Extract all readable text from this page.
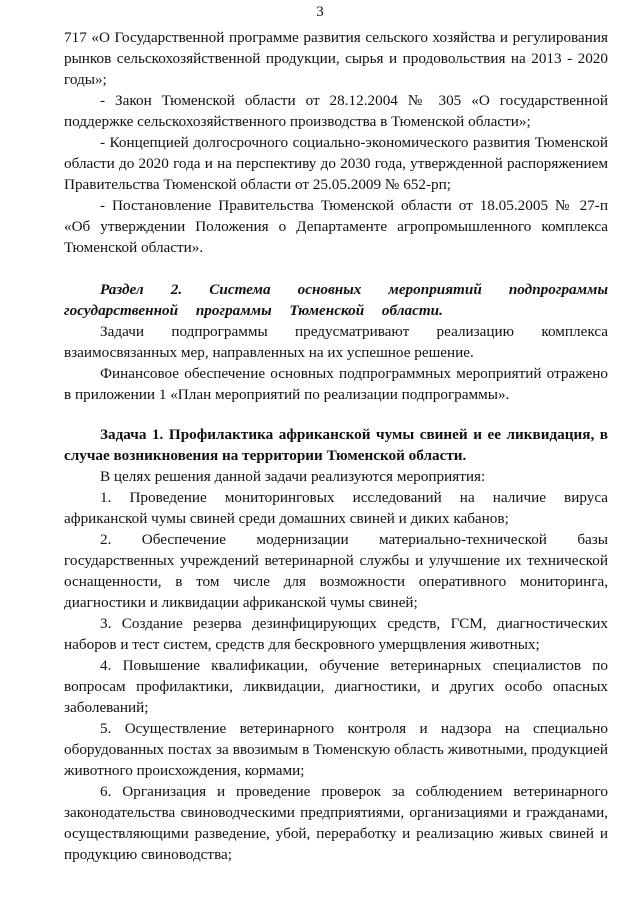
3

717 «О Государственной программе развития сельского хозяйства и регулирования рынков сельскохозяйственной продукции, сырья и продовольствия на 2013 - 2020 годы»;

- Закон Тюменской области от 28.12.2004 № 305 «О государственной поддержке сельскохозяйственного производства в Тюменской области»;

- Концепцией долгосрочного социально-экономического развития Тюменской области до 2020 года и на перспективу до 2030 года, утвержденной распоряжением Правительства Тюменской области от 25.05.2009 № 652-рп;

- Постановление Правительства Тюменской области от 18.05.2005 № 27-п «Об утверждении Положения о Департаменте агропромышленного комплекса Тюменской области».

Раздел 2. Система основных мероприятий подпрограммы государственной программы Тюменской области.

Задачи подпрограммы предусматривают реализацию комплекса взаимосвязанных мер, направленных на их успешное решение.

Финансовое обеспечение основных подпрограммных мероприятий отражено в приложении 1 «План мероприятий по реализации подпрограммы».

Задача 1. Профилактика африканской чумы свиней и ее ликвидация, в случае возникновения на территории Тюменской области.

В целях решения данной задачи реализуются мероприятия:

1. Проведение мониторинговых исследований на наличие вируса африканской чумы свиней среди домашних свиней и диких кабанов;

2. Обеспечение модернизации материально-технической базы государственных учреждений ветеринарной службы и улучшение их технической оснащенности, в том числе для возможности оперативного мониторинга, диагностики и ликвидации африканской чумы свиней;

3. Создание резерва дезинфицирующих средств, ГСМ, диагностических наборов и тест систем, средств для бескровного умерщвления животных;

4. Повышение квалификации, обучение ветеринарных специалистов по вопросам профилактики, ликвидации, диагностики, и других особо опасных заболеваний;

5. Осуществление ветеринарного контроля и надзора на специально оборудованных постах за ввозимым в Тюменскую область животными, продукцией животного происхождения, кормами;

6. Организация и проведение проверок за соблюдением ветеринарного законодательства свиноводческими предприятиями, организациями и гражданами, осуществляющими разведение, убой, переработку и реализацию живых свиней и продукцию свиноводства;
